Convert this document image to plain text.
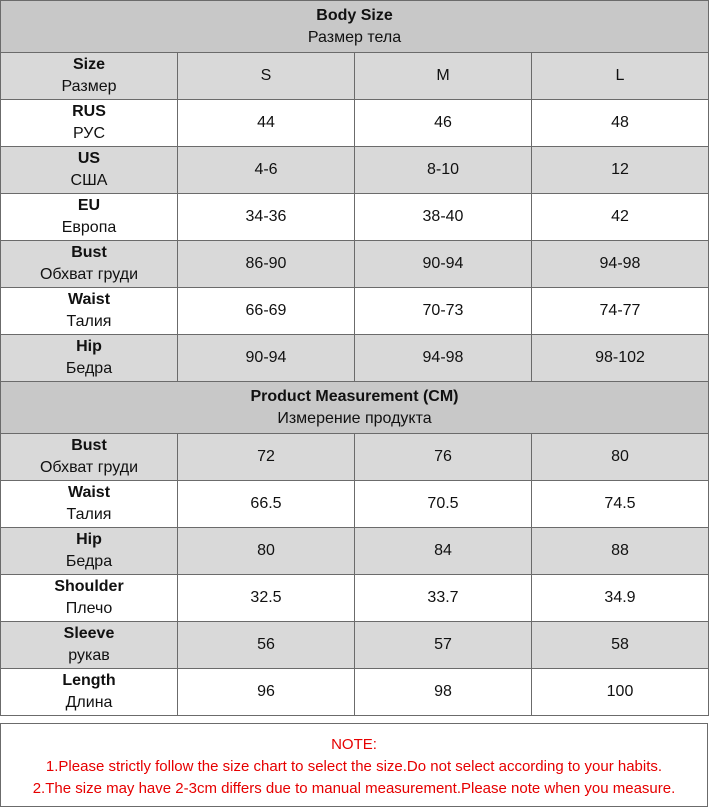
Body Size
Размер тела			

Size
Размер	S	M	L

RUS
РУС	44	46	48

US
США	4-6	8-10	12

EU
Европа	34-36	38-40	42

Bust
Обхват груди	86-90	90-94	94-98

Waist
Талия	66-69	70-73	74-77

Hip
Бедра	90-94	94-98	98-102

Product Measurement (CM)
Измерение продукта			

Bust
Обхват груди	72	76	80

Waist
Талия	66.5	70.5	74.5

Hip
Бедра	80	84	88

Shoulder
Плечо	32.5	33.7	34.9

Sleeve
рукав	56	57	58

Length
Длина	96	98	100
NOTE:
1.Please strictly follow the size chart to select the size.Do not select according to your habits.
2.The size may have 2-3cm differs due to manual measurement.Please note when you measure.
